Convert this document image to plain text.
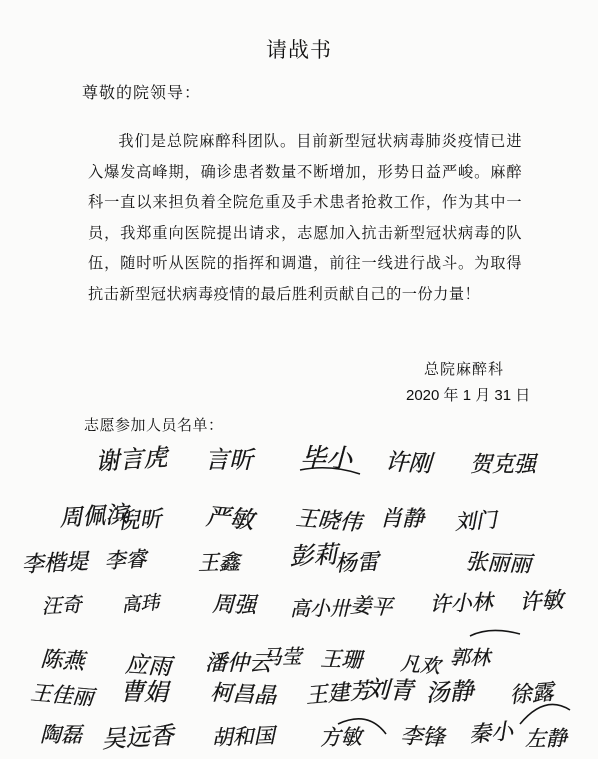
请战书
尊敬的院领导：

我们是总院麻醉科团队。目前新型冠状病毒肺炎疫情已进入爆发高峰期，确诊患者数量不断增加，形势日益严峻。麻醉科一直以来担负着全院危重及手术患者抢救工作，作为其中一员，我郑重向医院提出请求，志愿加入抗击新型冠状病毒的队伍，随时听从医院的指挥和调遣，前往一线进行战斗。为取得抗击新型冠状病毒疫情的最后胜利贡献自己的一份力量！

总院麻醉科
2020 年 1 月 31 日
志愿参加人员名单：
谢言虎 言昕 毕小 许刚 贺克强
周佩滨
倪昕 严敏 王晓伟 肖静 刘门
李楷堤 李睿 王鑫 彭莉
杨雷	张丽丽
汪奇 高玮 周强 高小卅 姜平 许小林 许敏
陈燕 应雨 潘仲云
马莹 王珊 凡欢 郭林
王佳丽 曹娟 柯昌晶 王建芳
刘青 汤静 徐露
陶磊 吴远香 胡和国 方敏 李锋 秦小 左静
